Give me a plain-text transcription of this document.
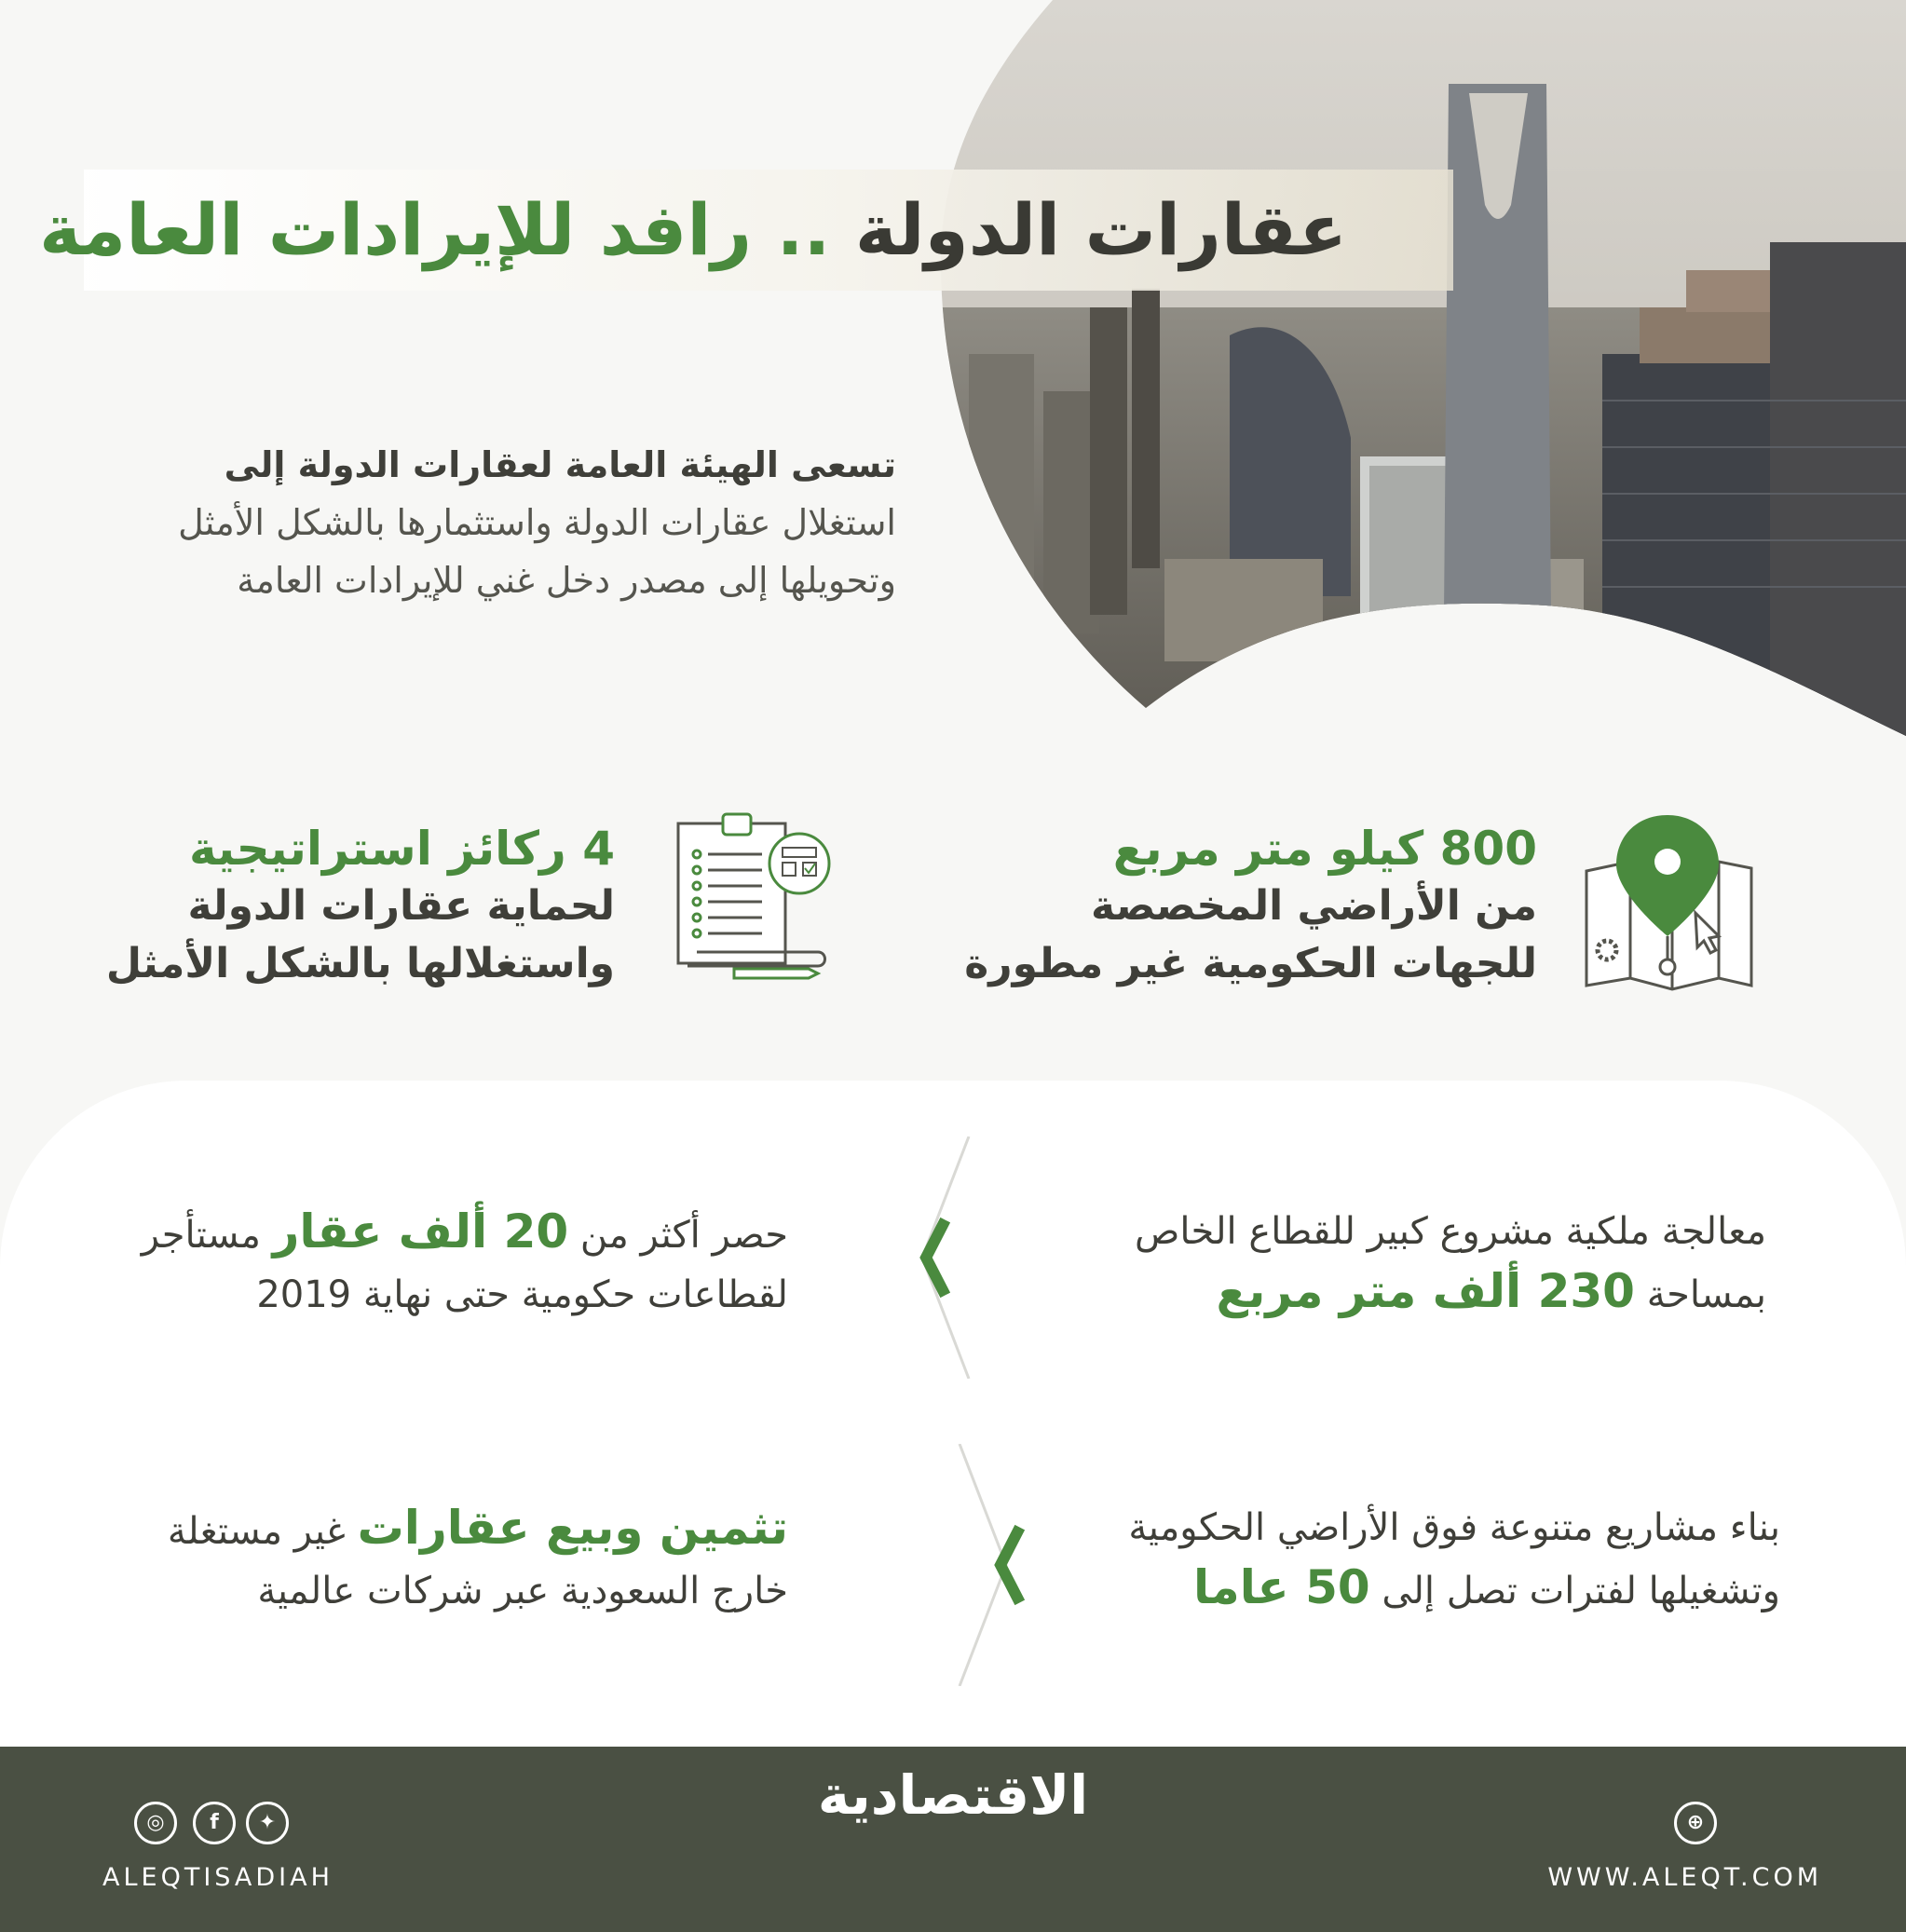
عقارات الدولة .. رافد للإيرادات العامة
تسعى الهيئة العامة لعقارات الدولة إلى
استغلال عقارات الدولة واستثمارها بالشكل الأمثل
وتحويلها إلى مصدر دخل غني للإيرادات العامة
800 كيلو متر مربع
من الأراضي المخصصة
للجهات الحكومية غير مطورة
4 ركائز استراتيجية
لحماية عقارات الدولة
واستغلالها بالشكل الأمثل
معالجة ملكية مشروع كبير للقطاع الخاص
بمساحة 230 ألف متر مربع
حصر أكثر من 20 ألف عقار مستأجر
لقطاعات حكومية حتى نهاية 2019
بناء مشاريع متنوعة فوق الأراضي الحكومية
وتشغيلها لفترات تصل إلى 50 عاما
تثمين وبيع عقارات غير مستغلة
خارج السعودية عبر شركات عالمية
◎	f	✦
ALEQTISADIAH
الاقتصادية	⊕
WWW.ALEQT.COM
